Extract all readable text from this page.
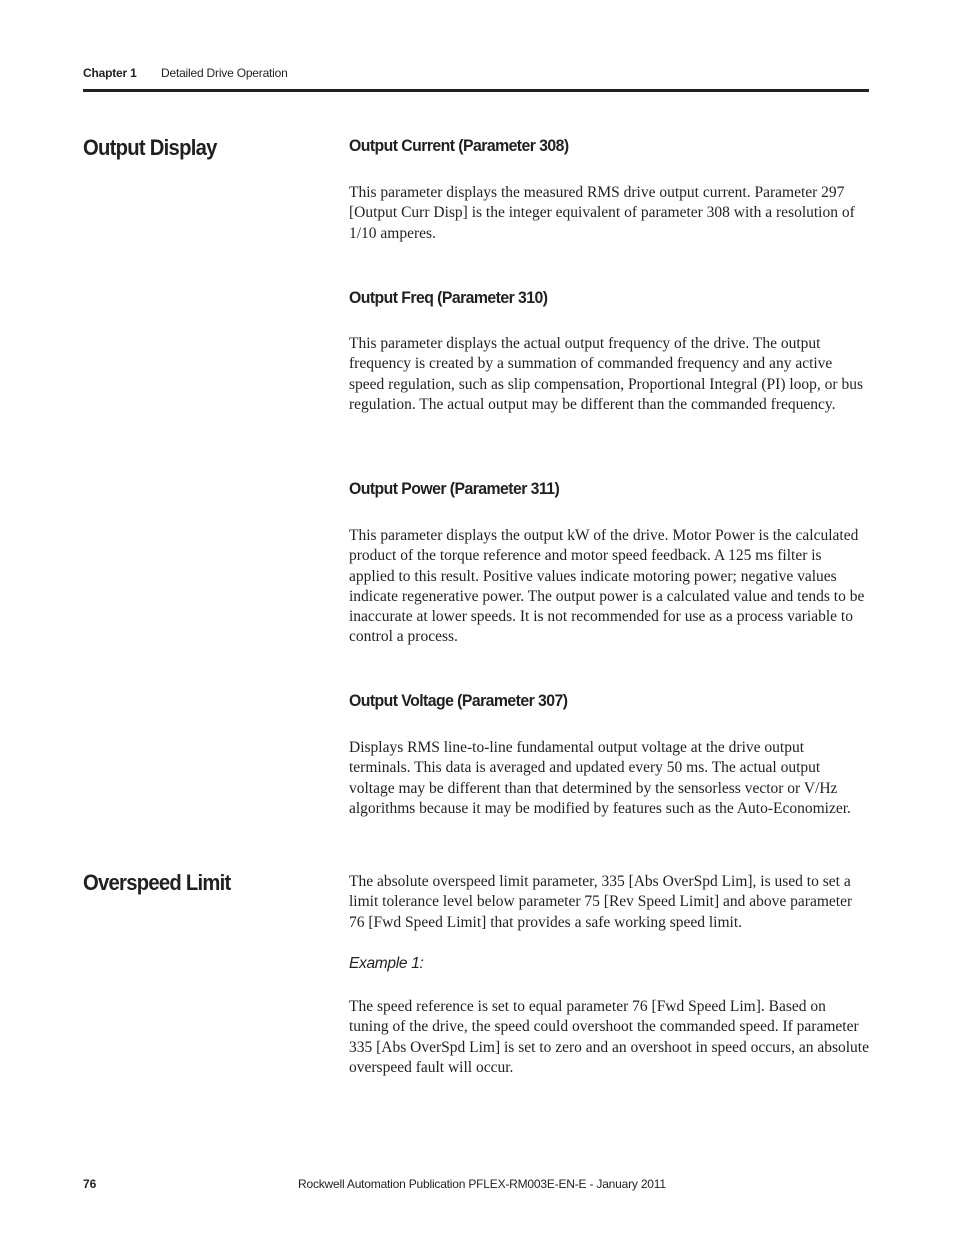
Chapter 1 Detailed Drive Operation
Output Display	Output Current (Parameter 308)

This parameter displays the measured RMS drive output current. Parameter 297 [Output Curr Disp] is the integer equivalent of parameter 308 with a resolution of 1/10 amperes.

Output Freq (Parameter 310)

This parameter displays the actual output frequency of the drive. The output frequency is created by a summation of commanded frequency and any active speed regulation, such as slip compensation, Proportional Integral (PI) loop, or bus regulation. The actual output may be different than the commanded frequency.

Output Power (Parameter 311)

This parameter displays the output kW of the drive. Motor Power is the calculated product of the torque reference and motor speed feedback. A 125 ms filter is applied to this result. Positive values indicate motoring power; negative values indicate regenerative power. The output power is a calculated value and tends to be inaccurate at lower speeds. It is not recommended for use as a process variable to control a process.

Output Voltage (Parameter 307)

Displays RMS line-to-line fundamental output voltage at the drive output terminals. This data is averaged and updated every 50 ms. The actual output voltage may be different than that determined by the sensorless vector or V/Hz algorithms because it may be modified by features such as the Auto-Economizer.

Overspeed Limit	The absolute overspeed limit parameter, 335 [Abs OverSpd Lim], is used to set a limit tolerance level below parameter 75 [Rev Speed Limit] and above parameter 76 [Fwd Speed Limit] that provides a safe working speed limit.

Example 1:

The speed reference is set to equal parameter 76 [Fwd Speed Lim]. Based on tuning of the drive, the speed could overshoot the commanded speed. If parameter 335 [Abs OverSpd Lim] is set to zero and an overshoot in speed occurs, an absolute overspeed fault will occur.

76	Rockwell Automation Publication PFLEX-RM003E-EN-E - January 2011
